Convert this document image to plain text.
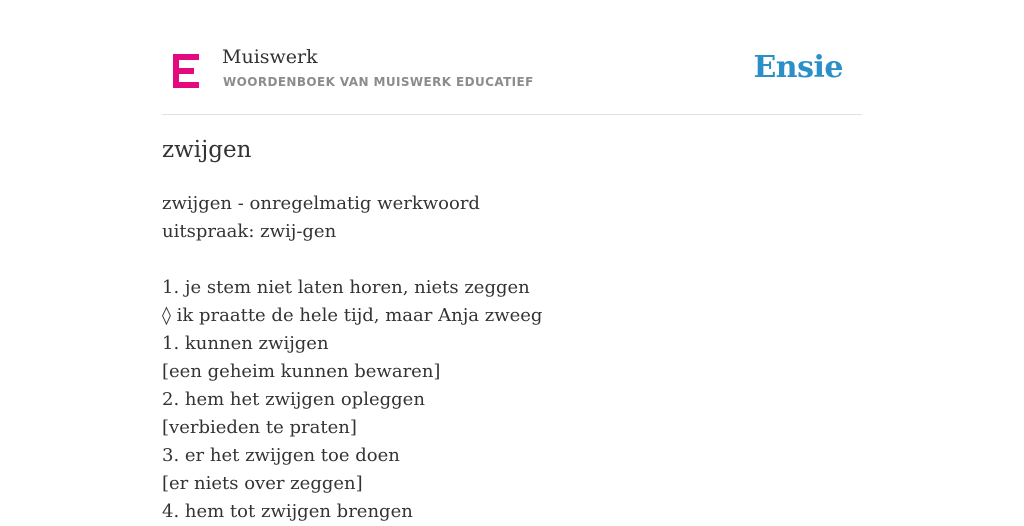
Muiswerk
WOORDENBOEK VAN MUISWERK EDUCATIEF	Ensie
zwijgen
zwijgen - onregelmatig werkwoord
uitspraak: zwij-gen
1. je stem niet laten horen, niets zeggen
◊ ik praatte de hele tijd, maar Anja zweeg
1. kunnen zwijgen
[een geheim kunnen bewaren]
2. hem het zwijgen opleggen
[verbieden te praten]
3. er het zwijgen toe doen
[er niets over zeggen]
4. hem tot zwijgen brengen
